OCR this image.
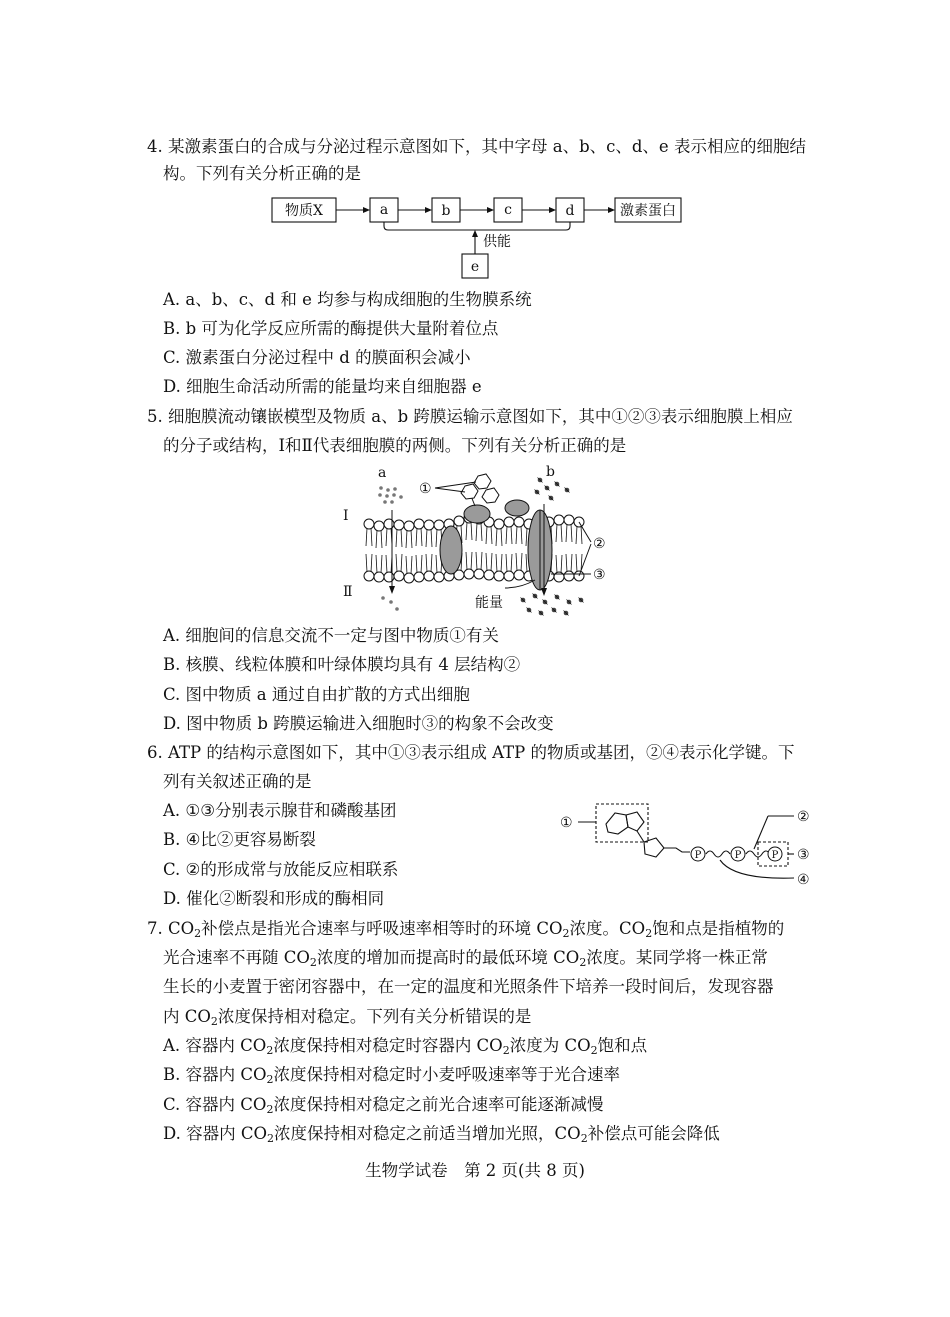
4. 某激素蛋白的合成与分泌过程示意图如下，其中字母 a、b、c、d、e 表示相应的细胞结
构。下列有关分析正确的是
物质X	a	b	c	d	激素蛋白
e
供能
A. a、b、c、d 和 e 均参与构成细胞的生物膜系统
B. b 可为化学反应所需的酶提供大量附着位点
C. 激素蛋白分泌过程中 d 的膜面积会减小
D. 细胞生命活动所需的能量均来自细胞器 e
5. 细胞膜流动镶嵌模型及物质 a、b 跨膜运输示意图如下，其中①②③表示细胞膜上相应
的分子或结构，Ⅰ和Ⅱ代表细胞膜的两侧。下列有关分析正确的是
a	b
①
②
③
Ⅰ
Ⅱ
能量
A. 细胞间的信息交流不一定与图中物质①有关
B. 核膜、线粒体膜和叶绿体膜均具有 4 层结构②
C. 图中物质 a 通过自由扩散的方式出细胞
D. 图中物质 b 跨膜运输进入细胞时③的构象不会改变
6. ATP 的结构示意图如下，其中①③表示组成 ATP 的物质或基团，②④表示化学键。下
列有关叙述正确的是
A. ①③分别表示腺苷和磷酸基团
B. ④比②更容易断裂
C. ②的形成常与放能反应相联系
D. 催化②断裂和形成的酶相同
P	P	P
①	②
③
④
7. $CO_2$补偿点是指光合速率与呼吸速率相等时的环境 $CO_2$浓度。$CO_2$饱和点是指植物的
光合速率不再随 $CO_2$浓度的增加而提高时的最低环境 $CO_2$浓度。某同学将一株正常
生长的小麦置于密闭容器中，在一定的温度和光照条件下培养一段时间后，发现容器
内 $CO_2$浓度保持相对稳定。下列有关分析错误的是
A. 容器内 $CO_2$浓度保持相对稳定时容器内 $CO_2$浓度为 $CO_2$饱和点
B. 容器内 $CO_2$浓度保持相对稳定时小麦呼吸速率等于光合速率
C. 容器内 $CO_2$浓度保持相对稳定之前光合速率可能逐渐减慢
D. 容器内 $CO_2$浓度保持相对稳定之前适当增加光照，$CO_2$补偿点可能会降低
生物学试卷　第 2 页(共 8 页)
